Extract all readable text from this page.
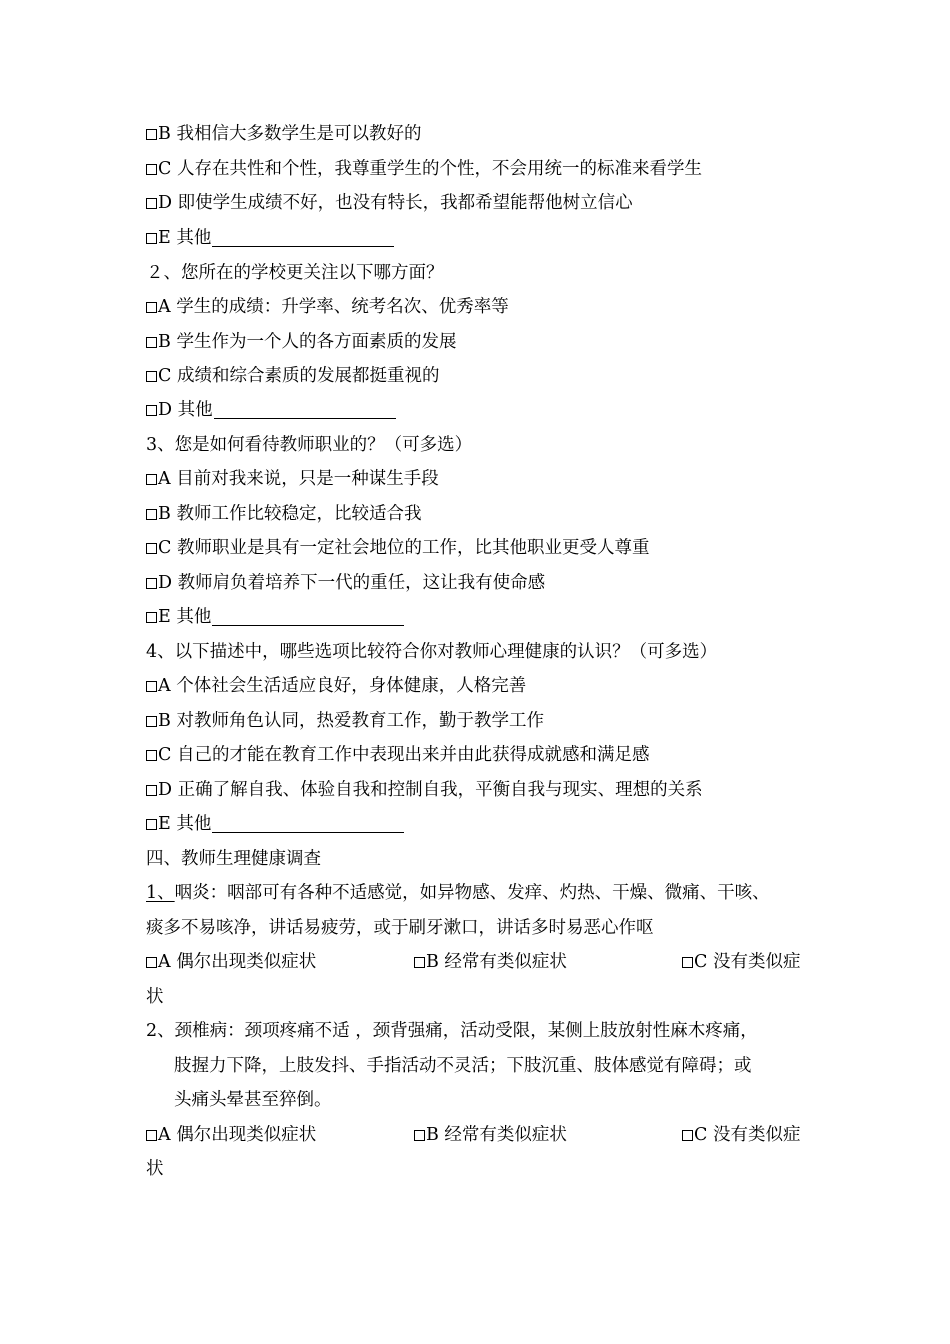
B 我相信大多数学生是可以教好的
C 人存在共性和个性，我尊重学生的个性，不会用统一的标准来看学生
D 即使学生成绩不好，也没有特长，我都希望能帮他树立信心
E 其他
２、您所在的学校更关注以下哪方面？
A 学生的成绩：升学率、统考名次、优秀率等
B 学生作为一个人的各方面素质的发展
C 成绩和综合素质的发展都挺重视的
D 其他
3、您是如何看待教师职业的？（可多选）
A 目前对我来说，只是一种谋生手段
B 教师工作比较稳定，比较适合我
C 教师职业是具有一定社会地位的工作，比其他职业更受人尊重
D 教师肩负着培养下一代的重任，这让我有使命感
E 其他
4、以下描述中，哪些选项比较符合你对教师心理健康的认识？（可多选）
A 个体社会生活适应良好，身体健康，人格完善
B 对教师角色认同，热爱教育工作，勤于教学工作
C 自己的才能在教育工作中表现出来并由此获得成就感和满足感
D 正确了解自我、体验自我和控制自我，平衡自我与现实、理想的关系
E 其他
四、教师生理健康调查
1、咽炎：咽部可有各种不适感觉，如异物感、发痒、灼热、干燥、微痛、干咳、
痰多不易咳净，讲话易疲劳，或于刷牙漱口，讲话多时易恶心作呕
A 偶尔出现类似症状	B 经常有类似症状	C 没有类似症
状
2、颈椎病：颈项疼痛不适 ，颈背强痛，活动受限，某侧上肢放射性麻木疼痛，
肢握力下降，上肢发抖、手指活动不灵活；下肢沉重、肢体感觉有障碍；或
头痛头晕甚至猝倒。
A 偶尔出现类似症状	B 经常有类似症状	C 没有类似症
状
